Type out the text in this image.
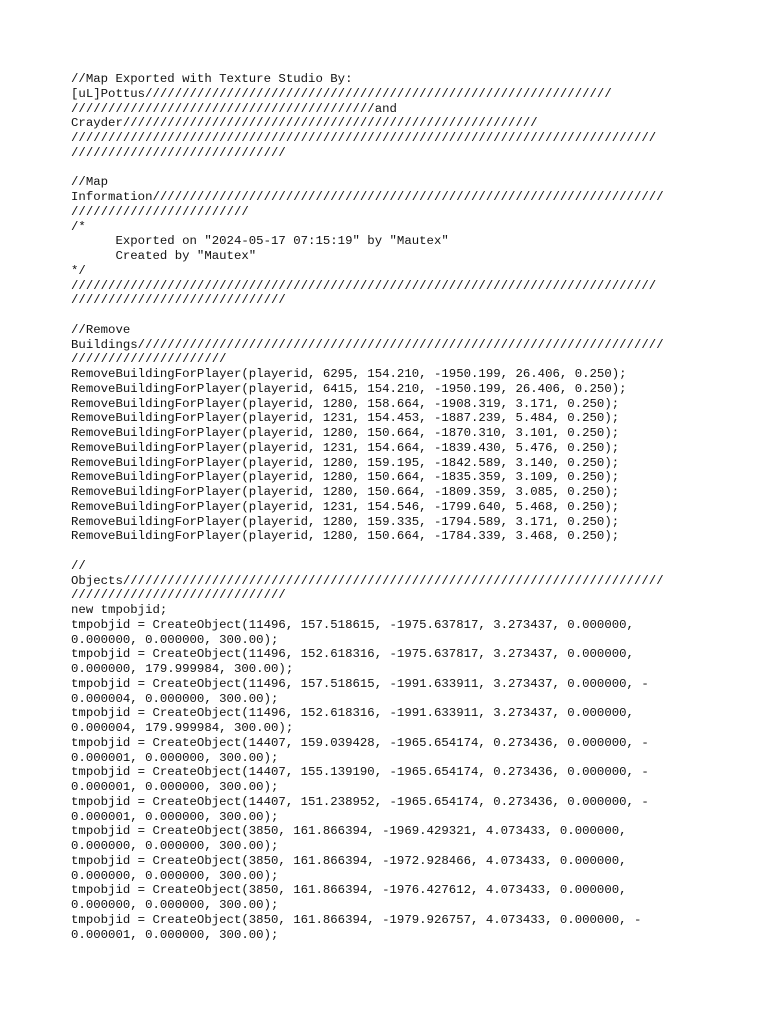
//Map Exported with Texture Studio By:
[uL]Pottus///////////////////////////////////////////////////////////////
/////////////////////////////////////////and
Crayder////////////////////////////////////////////////////////
///////////////////////////////////////////////////////////////////////////////
/////////////////////////////
//Map
Information/////////////////////////////////////////////////////////////////////
////////////////////////
/*
Exported on "2024-05-17 07:15:19" by "Mautex"
Created by "Mautex"
*/
///////////////////////////////////////////////////////////////////////////////
/////////////////////////////
//Remove
Buildings///////////////////////////////////////////////////////////////////////
/////////////////////
RemoveBuildingForPlayer(playerid, 6295, 154.210, -1950.199, 26.406, 0.250);
RemoveBuildingForPlayer(playerid, 6415, 154.210, -1950.199, 26.406, 0.250);
RemoveBuildingForPlayer(playerid, 1280, 158.664, -1908.319, 3.171, 0.250);
RemoveBuildingForPlayer(playerid, 1231, 154.453, -1887.239, 5.484, 0.250);
RemoveBuildingForPlayer(playerid, 1280, 150.664, -1870.310, 3.101, 0.250);
RemoveBuildingForPlayer(playerid, 1231, 154.664, -1839.430, 5.476, 0.250);
RemoveBuildingForPlayer(playerid, 1280, 159.195, -1842.589, 3.140, 0.250);
RemoveBuildingForPlayer(playerid, 1280, 150.664, -1835.359, 3.109, 0.250);
RemoveBuildingForPlayer(playerid, 1280, 150.664, -1809.359, 3.085, 0.250);
RemoveBuildingForPlayer(playerid, 1231, 154.546, -1799.640, 5.468, 0.250);
RemoveBuildingForPlayer(playerid, 1280, 159.335, -1794.589, 3.171, 0.250);
RemoveBuildingForPlayer(playerid, 1280, 150.664, -1784.339, 3.468, 0.250);
//
Objects/////////////////////////////////////////////////////////////////////////
/////////////////////////////
new tmpobjid;
tmpobjid = CreateObject(11496, 157.518615, -1975.637817, 3.273437, 0.000000,
0.000000, 0.000000, 300.00);
tmpobjid = CreateObject(11496, 152.618316, -1975.637817, 3.273437, 0.000000,
0.000000, 179.999984, 300.00);
tmpobjid = CreateObject(11496, 157.518615, -1991.633911, 3.273437, 0.000000, -
0.000004, 0.000000, 300.00);
tmpobjid = CreateObject(11496, 152.618316, -1991.633911, 3.273437, 0.000000,
0.000004, 179.999984, 300.00);
tmpobjid = CreateObject(14407, 159.039428, -1965.654174, 0.273436, 0.000000, -
0.000001, 0.000000, 300.00);
tmpobjid = CreateObject(14407, 155.139190, -1965.654174, 0.273436, 0.000000, -
0.000001, 0.000000, 300.00);
tmpobjid = CreateObject(14407, 151.238952, -1965.654174, 0.273436, 0.000000, -
0.000001, 0.000000, 300.00);
tmpobjid = CreateObject(3850, 161.866394, -1969.429321, 4.073433, 0.000000,
0.000000, 0.000000, 300.00);
tmpobjid = CreateObject(3850, 161.866394, -1972.928466, 4.073433, 0.000000,
0.000000, 0.000000, 300.00);
tmpobjid = CreateObject(3850, 161.866394, -1976.427612, 4.073433, 0.000000,
0.000000, 0.000000, 300.00);
tmpobjid = CreateObject(3850, 161.866394, -1979.926757, 4.073433, 0.000000, -
0.000001, 0.000000, 300.00);
